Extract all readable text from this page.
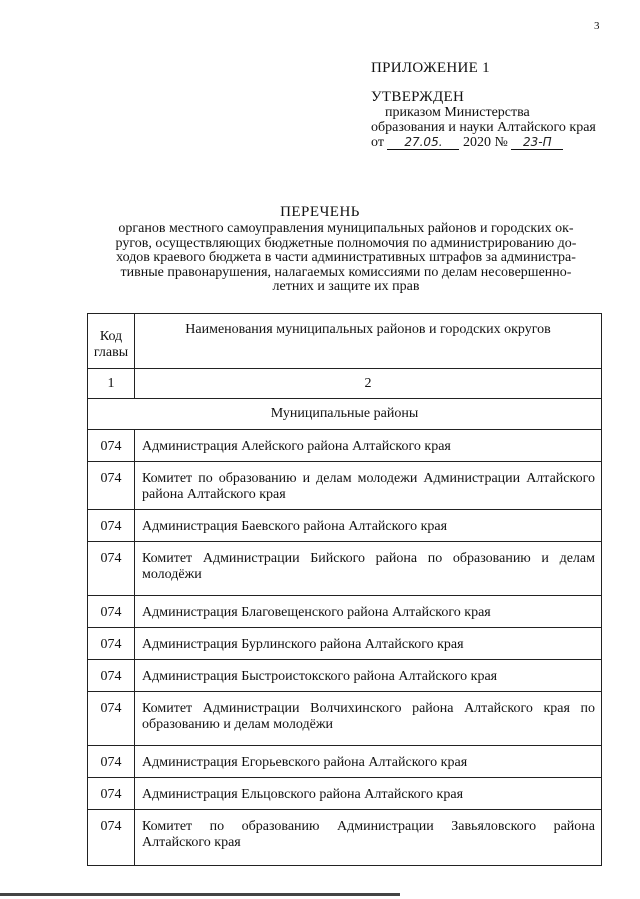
3
ПРИЛОЖЕНИЕ 1
УТВЕРЖДЕН
приказом Министерства
образования и науки Алтайского края
от 27.05. 2020 № 23-П
ПЕРЕЧЕНЬ
органов местного самоуправления муниципальных районов и городских ок-
ругов, осуществляющих бюджетные полномочия по администрированию до-
ходов краевого бюджета в части административных штрафов за администра-
тивные правонарушения, налагаемых комиссиями по делам несовершенно-
летних и защите их прав
Код главы	Наименования муниципальных районов и городских округов
1	2
Муниципальные районы	
074	Администрация Алейского района Алтайского края
074	Комитет по образованию и делам молодежи Администрации Алтайского района Алтайского края
074	Администрация Баевского района Алтайского края
074	Комитет Администрации Бийского района по образованию и делам молодёжи
074	Администрация Благовещенского района Алтайского края
074	Администрация Бурлинского района Алтайского края
074	Администрация Быстроистокского района Алтайского края
074	Комитет Администрации Волчихинского района Алтайского края по образованию и делам молодёжи
074	Администрация Егорьевского района Алтайского края
074	Администрация Ельцовского района Алтайского края
074	Комитет по образованию Администрации Завьяловского района Алтайского края
